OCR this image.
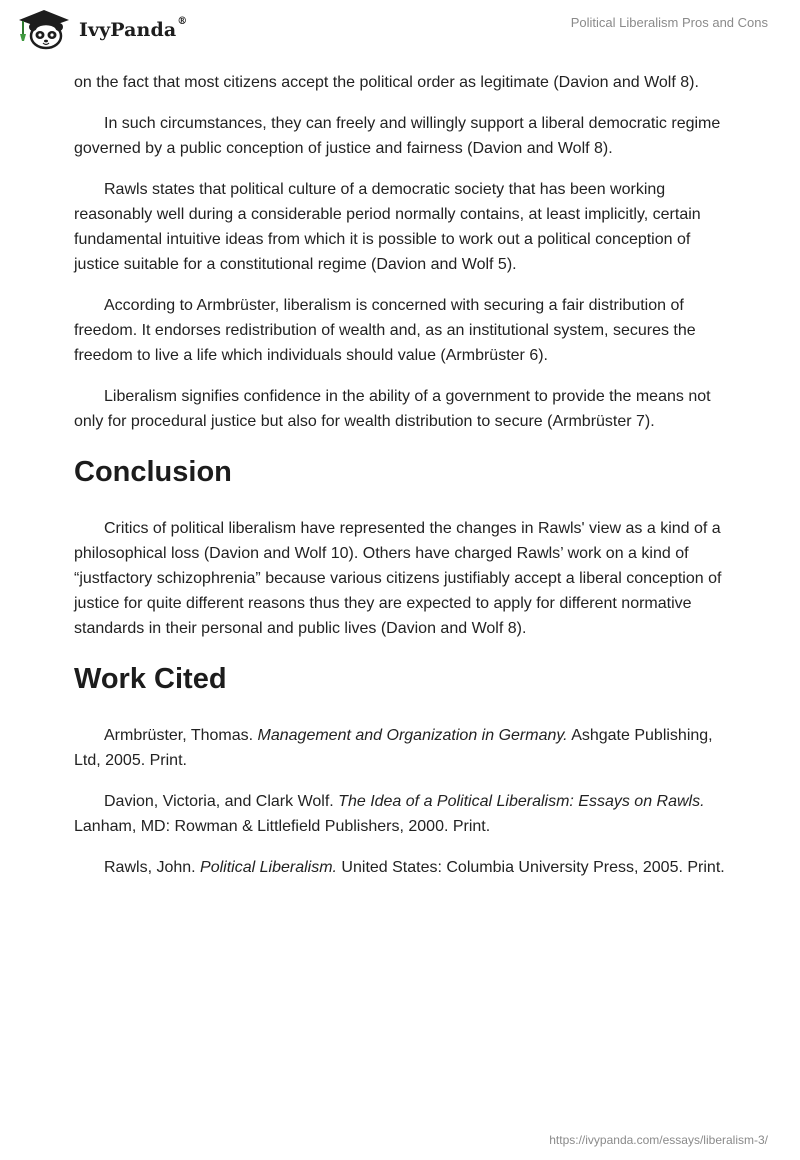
IvyPanda®	Political Liberalism Pros and Cons

on the fact that most citizens accept the political order as legitimate (Davion and Wolf 8).

In such circumstances, they can freely and willingly support a liberal democratic regime governed by a public conception of justice and fairness (Davion and Wolf 8).

Rawls states that political culture of a democratic society that has been working reasonably well during a considerable period normally contains, at least implicitly, certain fundamental intuitive ideas from which it is possible to work out a political conception of justice suitable for a constitutional regime (Davion and Wolf 5).

According to Armbrüster, liberalism is concerned with securing a fair distribution of freedom. It endorses redistribution of wealth and, as an institutional system, secures the freedom to live a life which individuals should value (Armbrüster 6).

Liberalism signifies confidence in the ability of a government to provide the means not only for procedural justice but also for wealth distribution to secure (Armbrüster 7).

Conclusion

Critics of political liberalism have represented the changes in Rawls' view as a kind of a philosophical loss (Davion and Wolf 10). Others have charged Rawls’ work on a kind of “justfactory schizophrenia” because various citizens justifiably accept a liberal conception of justice for quite different reasons thus they are expected to apply for different normative standards in their personal and public lives (Davion and Wolf 8).

Work Cited

Armbrüster, Thomas. Management and Organization in Germany. Ashgate Publishing, Ltd, 2005. Print.

Davion, Victoria, and Clark Wolf. The Idea of a Political Liberalism: Essays on Rawls. Lanham, MD: Rowman & Littlefield Publishers, 2000. Print.

Rawls, John. Political Liberalism. United States: Columbia University Press, 2005. Print.

https://ivypanda.com/essays/liberalism-3/
